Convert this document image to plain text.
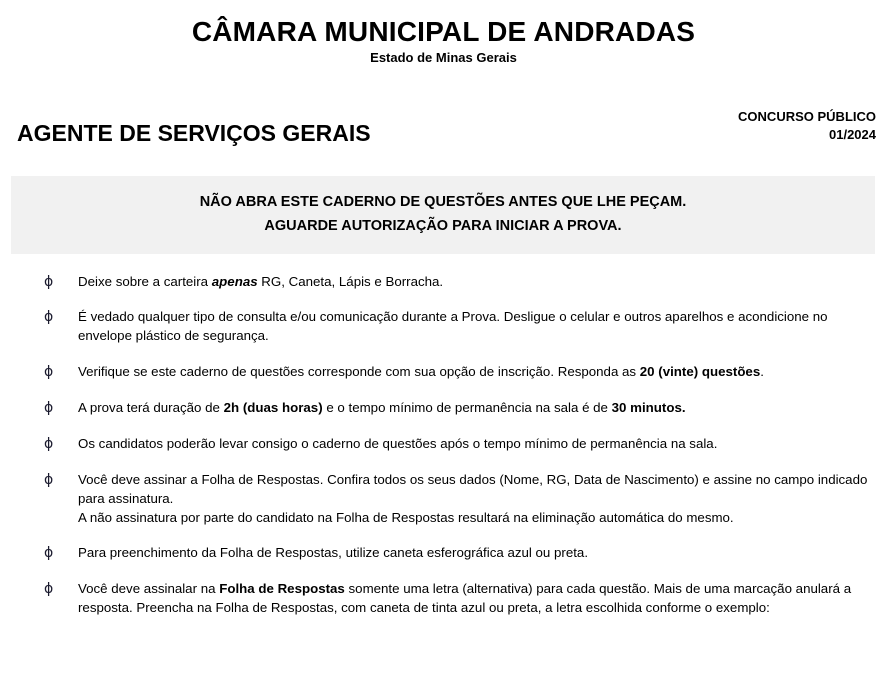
CÂMARA MUNICIPAL DE ANDRADAS
Estado de Minas Gerais
AGENTE DE SERVIÇOS GERAIS
CONCURSO PÚBLICO
01/2024
NÃO ABRA ESTE CADERNO DE QUESTÕES ANTES QUE LHE PEÇAM.
AGUARDE AUTORIZAÇÃO PARA INICIAR A PROVA.
ɸ	Deixe sobre a carteira apenas RG, Caneta, Lápis e Borracha.
ɸ	É vedado qualquer tipo de consulta e/ou comunicação durante a Prova. Desligue o celular e outros aparelhos e acondicione no envelope plástico de segurança.
ɸ	Verifique se este caderno de questões corresponde com sua opção de inscrição. Responda as 20 (vinte) questões.
ɸ	A prova terá duração de 2h (duas horas) e o tempo mínimo de permanência na sala é de 30 minutos.
ɸ	Os candidatos poderão levar consigo o caderno de questões após o tempo mínimo de permanência na sala.
ɸ	Você deve assinar a Folha de Respostas. Confira todos os seus dados (Nome, RG, Data de Nascimento) e assine no campo indicado para assinatura.
A não assinatura por parte do candidato na Folha de Respostas resultará na eliminação automática do mesmo.
ɸ	Para preenchimento da Folha de Respostas, utilize caneta esferográfica azul ou preta.
ɸ	Você deve assinalar na Folha de Respostas somente uma letra (alternativa) para cada questão. Mais de uma marcação anulará a resposta. Preencha na Folha de Respostas, com caneta de tinta azul ou preta, a letra escolhida conforme o exemplo:
